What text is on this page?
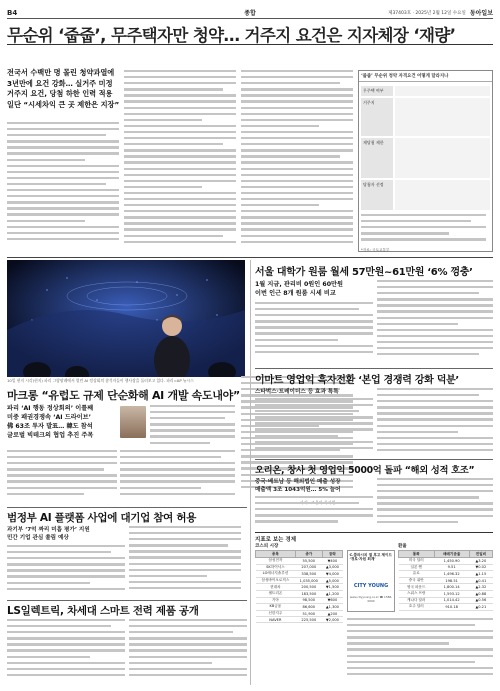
B4	종합	제37403호 · 2025년 2월 12일 수요일 동아일보
무순위 ‘줍줍’, 무주택자만 청약… 거주지 요건은 지자체장 ‘재량’
전국서 수백만 명 몰린 청약과열에
3년만에 요건 강화… 실거주 미정
거주지 요건, 당첨 하한 인력 적용
일단 “시세차익 큰 곳 제한은 지장”
‘줍줍’ 무순위 청약 자격요건 어떻게 달라지나
무주택 여부

거주지
재당첨 제한
당첨자 선정
*자료: 국토교통부
10일 현지 시각(현지) 파리 그랑팔레에서 열린 AI 정상회의 참석자들이 행사장을 둘러보고 있다. 파리=AP 뉴시스
마크롱 “유럽도 규제 단순화해 AI 개발 속도내야”
파리 ‘AI 행동 정상회의’ 이틀째
미중 패권경쟁속 ‘AI 드라이브’
佛 63조 투자 발표… 韓도 참석
글로벌 빅테크의 협업 추진 주목
범정부 AI 플랫폼 사업에 대기업 참여 허용
과기부 ‘7억 짜리 미흡 평가’ 지원
민간 기업 관심 쏠림 예상
LS일렉트릭, 차세대 스마트 전력 제품 공개
서울 대학가 원룸 월세 57만원~61만원 ‘6% 껑충’
1월 지금, 관리비 0원인 60만원
이번 인근 8개 원룸 시세 비교
이마트 영업익 흑자전환 ‘본업 경쟁력 강화 덕분’
스타벅스·트레이더스 등 효과 톡톡
오리온, 창사 첫 영업익 5000억 돌파 “해외 성적 호조”
중국·베트남 등 해외법인 매출 성장
매출액 3조 1043억원… 5% 늘어
지표로 보는 경제
코스피 시장
종목	종가	등락
삼성전자	55,500	▼400
SK하이닉스	207,000	▲3,000
LG에너지솔루션	338,500	▼4,000
삼성바이오로직스	1,035,000	▲5,000
현대차	200,500	▼1,500
셀트리온	183,500	▲1,200
기아	98,500	▼600
KB금융	86,600	▲1,300
신한지주	51,900	▲200
NAVER	225,500	▼2,000
C.클라시치 앨 후고 제이드 ‘경로·자원 회계’
CITY YOUNG
www.cityyoung.co.kr ☎ 1588-0000
환율
통화	매매기준율	전일비
미국 달러	1,450.90	▲3.20
일본 엔	9.51	▼0.02
유로	1,496.32	▲1.15
중국 위안	198.51	▲0.41
영국 파운드	1,800.14	▲2.32
스위스 프랑	1,593.12	▲0.88
캐나다 달러	1,014.42	▲0.56
호주 달러	910.18	▲0.21
